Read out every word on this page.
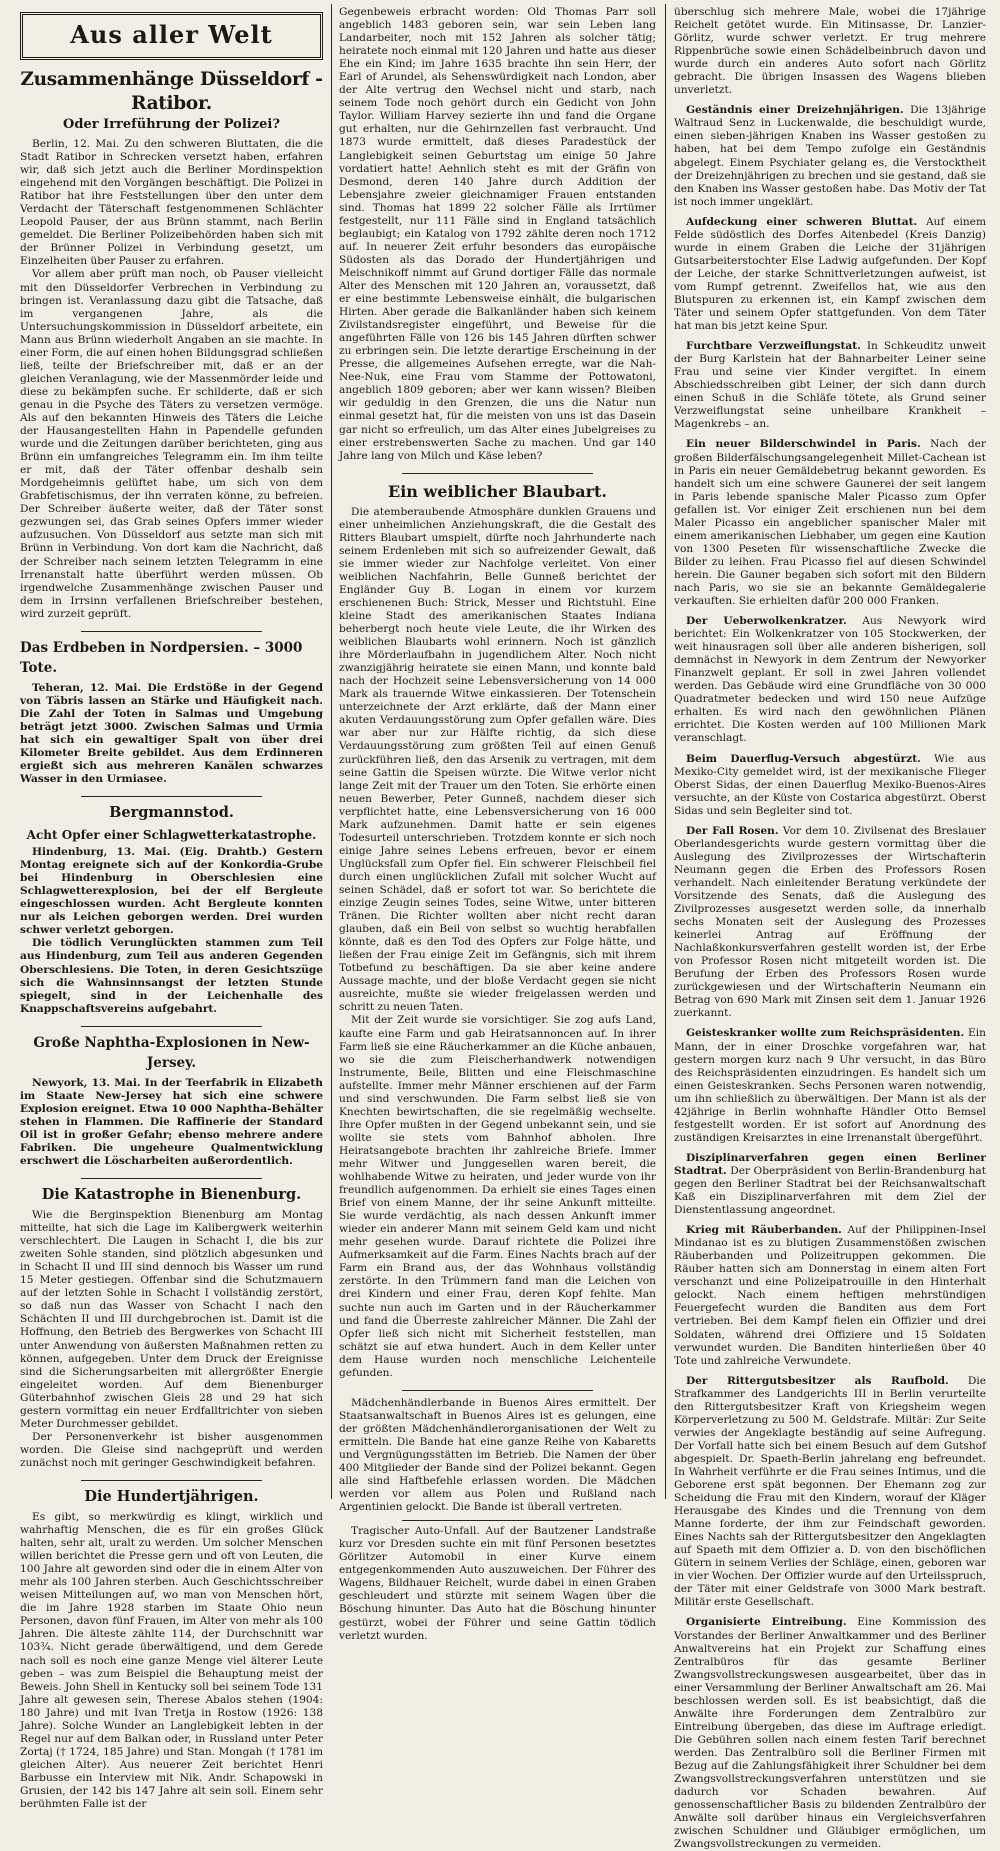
Aus aller Welt
Zusammenhänge Düsseldorf - Ratibor.
Oder Irreführung der Polizei?

Berlin, 12. Mai. Zu den schweren Bluttaten, die die Stadt Ratibor in Schrecken versetzt haben, erfahren wir, daß sich jetzt auch die Berliner Mordinspektion eingehend mit den Vorgängen beschäftigt. Die Polizei in Ratibor hat ihre Feststellungen über den unter dem Verdacht der Täterschaft festgenommenen Schlächter Leopold Pauser, der aus Brünn stammt, nach Berlin gemeldet. Die Berliner Polizeibehörden haben sich mit der Brünner Polizei in Verbindung gesetzt, um Einzelheiten über Pauser zu erfahren.

Vor allem aber prüft man noch, ob Pauser vielleicht mit den Düsseldorfer Verbrechen in Verbindung zu bringen ist. Veranlassung dazu gibt die Tatsache, daß im vergangenen Jahre, als die Untersuchungskommission in Düsseldorf arbeitete, ein Mann aus Brünn wiederholt Angaben an sie machte. In einer Form, die auf einen hohen Bildungsgrad schließen ließ, teilte der Briefschreiber mit, daß er an der gleichen Veranlagung, wie der Massenmörder leide und diese zu bekämpfen suche. Er schilderte, daß er sich genau in die Psyche des Täters zu versetzen vermöge. Als auf den bekannten Hinweis des Täters die Leiche der Hausangestellten Hahn in Papendelle gefunden wurde und die Zeitungen darüber berichteten, ging aus Brünn ein umfangreiches Telegramm ein. Im ihm teilte er mit, daß der Täter offenbar deshalb sein Mordgeheimnis gelüftet habe, um sich von dem Grabfetischismus, der ihn verraten könne, zu befreien. Der Schreiber äußerte weiter, daß der Täter sonst gezwungen sei, das Grab seines Opfers immer wieder aufzusuchen. Von Düsseldorf aus setzte man sich mit Brünn in Verbindung. Von dort kam die Nachricht, daß der Schreiber nach seinem letzten Telegramm in eine Irrenanstalt hatte überführt werden müssen. Ob irgendwelche Zusammenhänge zwischen Pauser und dem in Irrsinn verfallenen Briefschreiber bestehen, wird zurzeit geprüft.

Das Erdbeben in Nordpersien. – 3000 Tote.

Teheran, 12. Mai. Die Erdstöße in der Gegend von Täbris lassen an Stärke und Häufigkeit nach. Die Zahl der Toten in Salmas und Umgebung beträgt jetzt 3000. Zwischen Salmas und Urmia hat sich ein gewaltiger Spalt von über drei Kilometer Breite gebildet. Aus dem Erdinneren ergießt sich aus mehreren Kanälen schwarzes Wasser in den Urmiasee.

Bergmannstod.
Acht Opfer einer Schlagwetterkatastrophe.

Hindenburg, 13. Mai. (Eig. Drahtb.) Gestern Montag ereignete sich auf der Konkordia-Grube bei Hindenburg in Oberschlesien eine Schlagwetterexplosion, bei der elf Bergleute eingeschlossen wurden. Acht Bergleute konnten nur als Leichen geborgen werden. Drei wurden schwer verletzt geborgen.

Die tödlich Verunglückten stammen zum Teil aus Hindenburg, zum Teil aus anderen Gegenden Oberschlesiens. Die Toten, in deren Gesichtszüge sich die Wahnsinnsangst der letzten Stunde spiegelt, sind in der Leichenhalle des Knappschaftsvereins aufgebahrt.

Große Naphtha-Explosionen in New-Jersey.

Newyork, 13. Mai. In der Teerfabrik in Elizabeth im Staate New-Jersey hat sich eine schwere Explosion ereignet. Etwa 10 000 Naphtha-Behälter stehen in Flammen. Die Raffinerie der Standard Oil ist in großer Gefahr; ebenso mehrere andere Fabriken. Die ungeheure Qualmentwicklung erschwert die Löscharbeiten außerordentlich.

Die Katastrophe in Bienenburg.

Wie die Berginspektion Bienenburg am Montag mitteilte, hat sich die Lage im Kalibergwerk weiterhin verschlechtert. Die Laugen in Schacht I, die bis zur zweiten Sohle standen, sind plötzlich abgesunken und in Schacht II und III sind dennoch bis Wasser um rund 15 Meter gestiegen. Offenbar sind die Schutzmauern auf der letzten Sohle in Schacht I vollständig zerstört, so daß nun das Wasser von Schacht I nach den Schächten II und III durchgebrochen ist. Damit ist die Hoffnung, den Betrieb des Bergwerkes von Schacht III unter Anwendung von äußersten Maßnahmen retten zu können, aufgegeben. Unter dem Druck der Ereignisse sind die Sicherungsarbeiten mit allergrößter Energie eingeleitet worden. Auf dem Bienenburger Güterbahnhof zwischen Gleis 28 und 29 hat sich gestern vormittag ein neuer Erdfalltrichter von sieben Meter Durchmesser gebildet.

Der Personenverkehr ist bisher ausgenommen worden. Die Gleise sind nachgeprüft und werden zunächst noch mit geringer Geschwindigkeit befahren.

Die Hundertjährigen.

Es gibt, so merkwürdig es klingt, wirklich und wahrhaftig Menschen, die es für ein großes Glück halten, sehr alt, uralt zu werden. Um solcher Menschen willen berichtet die Presse gern und oft von Leuten, die 100 Jahre alt geworden sind oder die in einem Alter von mehr als 100 Jahren sterben. Auch Geschichtsschreiber weisen Mitteilungen auf, wo man von Menschen hört, die im Jahre 1928 starben im Staate Ohio neun Personen, davon fünf Frauen, im Alter von mehr als 100 Jahren. Die älteste zählte 114, der Durchschnitt war 103¾. Nicht gerade überwältigend, und dem Gerede nach soll es noch eine ganze Menge viel älterer Leute geben – was zum Beispiel die Behauptung meist der Beweis. John Shell in Kentucky soll bei seinem Tode 131 Jahre alt gewesen sein, Therese Abalos stehen (1904: 180 Jahre) und mit Ivan Tretja in Rostow (1926: 138 Jahre). Solche Wunder an Langlebigkeit lebten in der Regel nur auf dem Balkan oder, in Russland unter Peter Zortaj († 1724, 185 Jahre) und Stan. Mongah († 1781 im gleichen Alter). Aus neuerer Zeit berichtet Henri Barbusse ein Interview mit Nik. Andr. Schapowski in Grusien, der 142 bis 147 Jahre alt sein soll. Einem sehr berühmten Falle ist der

Gegenbeweis erbracht worden: Old Thomas Parr soll angeblich 1483 geboren sein, war sein Leben lang Landarbeiter, noch mit 152 Jahren als solcher tätig; heiratete noch einmal mit 120 Jahren und hatte aus dieser Ehe ein Kind; im Jahre 1635 brachte ihn sein Herr, der Earl of Arundel, als Sehenswürdigkeit nach London, aber der Alte vertrug den Wechsel nicht und starb, nach seinem Tode noch gehört durch ein Gedicht von John Taylor. William Harvey sezierte ihn und fand die Organe gut erhalten, nur die Gehirnzellen fast verbraucht. Und 1873 wurde ermittelt, daß dieses Paradestück der Langlebigkeit seinen Geburtstag um einige 50 Jahre vordatiert hatte! Aehnlich steht es mit der Gräfin von Desmond, deren 140 Jahre durch Addition der Lebensjahre zweier gleichnamiger Frauen entstanden sind. Thomas hat 1899 22 solcher Fälle als Irrtümer festgestellt, nur 111 Fälle sind in England tatsächlich beglaubigt; ein Katalog von 1792 zählte deren noch 1712 auf. In neuerer Zeit erfuhr besonders das europäische Südosten als das Dorado der Hundertjährigen und Meischnikoff nimmt auf Grund dortiger Fälle das normale Alter des Menschen mit 120 Jahren an, voraussetzt, daß er eine bestimmte Lebensweise einhält, die bulgarischen Hirten. Aber gerade die Balkanländer haben sich keinem Zivilstandsregister eingeführt, und Beweise für die angeführten Fälle von 126 bis 145 Jahren dürften schwer zu erbringen sein. Die letzte derartige Erscheinung in der Presse, die allgemeines Aufsehen erregte, war die Nah-Nee-Nuk, eine Frau vom Stamme der Pottowatoni, angeblich 1809 geboren; aber wer kann wissen? Bleiben wir geduldig in den Grenzen, die uns die Natur nun einmal gesetzt hat, für die meisten von uns ist das Dasein gar nicht so erfreulich, um das Alter eines Jubelgreises zu einer erstrebenswerten Sache zu machen. Und gar 140 Jahre lang von Milch und Käse leben?

Ein weiblicher Blaubart.

Die atemberaubende Atmosphäre dunklen Grauens und einer unheimlichen Anziehungskraft, die die Gestalt des Ritters Blaubart umspielt, dürfte noch Jahrhunderte nach seinem Erdenleben mit sich so aufreizender Gewalt, daß sie immer wieder zur Nachfolge verleitet. Von einer weiblichen Nachfahrin, Belle Gunneß berichtet der Engländer Guy B. Logan in einem vor kurzem erschienenen Buch: Strick, Messer und Richtstuhl. Eine kleine Stadt des amerikanischen Staates Indiana beherbergt noch heute viele Leute, die ihr Wirken des weiblichen Blaubarts wohl erinnern. Noch ist gänzlich ihre Mörderlaufbahn in jugendlichem Alter. Noch nicht zwanzigjährig heiratete sie einen Mann, und konnte bald nach der Hochzeit seine Lebensversicherung von 14 000 Mark als trauernde Witwe einkassieren. Der Totenschein unterzeichnete der Arzt erklärte, daß der Mann einer akuten Verdauungsstörung zum Opfer gefallen wäre. Dies war aber nur zur Hälfte richtig, da sich diese Verdauungsstörung zum größten Teil auf einen Genuß zurückführen ließ, den das Arsenik zu vertragen, mit dem seine Gattin die Speisen würzte. Die Witwe verlor nicht lange Zeit mit der Trauer um den Toten. Sie erhörte einen neuen Bewerber, Peter Gunneß, nachdem dieser sich verpflichtet hatte, eine Lebensversicherung von 16 000 Mark aufzunehmen. Damit hatte er sein eigenes Todesurteil unterschrieben. Trotzdem konnte er sich noch einige Jahre seines Lebens erfreuen, bevor er einem Unglücksfall zum Opfer fiel. Ein schwerer Fleischbeil fiel durch einen unglücklichen Zufall mit solcher Wucht auf seinen Schädel, daß er sofort tot war. So berichtete die einzige Zeugin seines Todes, seine Witwe, unter bitteren Tränen. Die Richter wollten aber nicht recht daran glauben, daß ein Beil von selbst so wuchtig herabfallen könnte, daß es den Tod des Opfers zur Folge hätte, und ließen der Frau einige Zeit im Gefängnis, sich mit ihrem Totbefund zu beschäftigen. Da sie aber keine andere Aussage machte, und der bloße Verdacht gegen sie nicht ausreichte, mußte sie wieder freigelassen werden und schritt zu neuen Taten.

Mit der Zeit wurde sie vorsichtiger. Sie zog aufs Land, kaufte eine Farm und gab Heiratsannoncen auf. In ihrer Farm ließ sie eine Räucherkammer an die Küche anbauen, wo sie die zum Fleischerhandwerk notwendigen Instrumente, Beile, Blitten und eine Fleischmaschine aufstellte. Immer mehr Männer erschienen auf der Farm und sind verschwunden. Die Farm selbst ließ sie von Knechten bewirtschaften, die sie regelmäßig wechselte. Ihre Opfer mußten in der Gegend unbekannt sein, und sie wollte sie stets vom Bahnhof abholen. Ihre Heiratsangebote brachten ihr zahlreiche Briefe. Immer mehr Witwer und Junggesellen waren bereit, die wohlhabende Witwe zu heiraten, und jeder wurde von ihr freundlich aufgenommen. Da erhielt sie eines Tages einen Brief von einem Manne, der ihr seine Ankunft mitteilte. Sie wurde verdächtig, als nach dessen Ankunft immer wieder ein anderer Mann mit seinem Geld kam und nicht mehr gesehen wurde. Darauf richtete die Polizei ihre Aufmerksamkeit auf die Farm. Eines Nachts brach auf der Farm ein Brand aus, der das Wohnhaus vollständig zerstörte. In den Trümmern fand man die Leichen von drei Kindern und einer Frau, deren Kopf fehlte. Man suchte nun auch im Garten und in der Räucherkammer und fand die Überreste zahlreicher Männer. Die Zahl der Opfer ließ sich nicht mit Sicherheit feststellen, man schätzt sie auf etwa hundert. Auch in dem Keller unter dem Hause wurden noch menschliche Leichenteile gefunden.

Mädchenhändlerbande in Buenos Aires ermittelt. Der Staatsanwaltschaft in Buenos Aires ist es gelungen, eine der größten Mädchenhändlerorganisationen der Welt zu ermitteln. Die Bande hat eine ganze Reihe von Kabaretts und Vergnügungsstätten im Betrieb. Die Namen der über 400 Mitglieder der Bande sind der Polizei bekannt. Gegen alle sind Haftbefehle erlassen worden. Die Mädchen werden vor allem aus Polen und Rußland nach Argentinien gelockt. Die Bande ist überall vertreten.

Tragischer Auto-Unfall. Auf der Bautzener Landstraße kurz vor Dresden suchte ein mit fünf Personen besetztes Görlitzer Automobil in einer Kurve einem entgegenkommenden Auto auszuweichen. Der Führer des Wagens, Bildhauer Reichelt, wurde dabei in einen Graben geschleudert und stürzte mit seinem Wagen über die Böschung hinunter. Das Auto hat die Böschung hinunter gestürzt, wobei der Führer und seine Gattin tödlich verletzt wurden.

überschlug sich mehrere Male, wobei die 17jährige Reichelt getötet wurde. Ein Mitinsasse, Dr. Lanzier-Görlitz, wurde schwer verletzt. Er trug mehrere Rippenbrüche sowie einen Schädelbeinbruch davon und wurde durch ein anderes Auto sofort nach Görlitz gebracht. Die übrigen Insassen des Wagens blieben unverletzt.

Geständnis einer Dreizehnjährigen. Die 13jährige Waltraud Senz in Luckenwalde, die beschuldigt wurde, einen sieben-jährigen Knaben ins Wasser gestoßen zu haben, hat bei dem Tempo zufolge ein Geständnis abgelegt. Einem Psychiater gelang es, die Verstocktheit der Dreizehnjährigen zu brechen und sie gestand, daß sie den Knaben ins Wasser gestoßen habe. Das Motiv der Tat ist noch immer ungeklärt.

Aufdeckung einer schweren Bluttat. Auf einem Felde südöstlich des Dorfes Aitenbedel (Kreis Danzig) wurde in einem Graben die Leiche der 31jährigen Gutsarbeiterstochter Else Ladwig aufgefunden. Der Kopf der Leiche, der starke Schnittverletzungen aufweist, ist vom Rumpf getrennt. Zweifellos hat, wie aus den Blutspuren zu erkennen ist, ein Kampf zwischen dem Täter und seinem Opfer stattgefunden. Von dem Täter hat man bis jetzt keine Spur.

Furchtbare Verzweiflungstat. In Schkeuditz unweit der Burg Karlstein hat der Bahnarbeiter Leiner seine Frau und seine vier Kinder vergiftet. In einem Abschiedsschreiben gibt Leiner, der sich dann durch einen Schuß in die Schläfe tötete, als Grund seiner Verzweiflungstat seine unheilbare Krankheit – Magenkrebs – an.

Ein neuer Bilderschwindel in Paris. Nach der großen Bilderfälschungsangelegenheit Millet-Cachean ist in Paris ein neuer Gemäldebetrug bekannt geworden. Es handelt sich um eine schwere Gaunerei der seit langem in Paris lebende spanische Maler Picasso zum Opfer gefallen ist. Vor einiger Zeit erschienen nun bei dem Maler Picasso ein angeblicher spanischer Maler mit einem amerikanischen Liebhaber, um gegen eine Kaution von 1300 Peseten für wissenschaftliche Zwecke die Bilder zu leihen. Frau Picasso fiel auf diesen Schwindel herein. Die Gauner begaben sich sofort mit den Bildern nach Paris, wo sie sie an bekannte Gemäldegalerie verkauften. Sie erhielten dafür 200 000 Franken.

Der Ueberwolkenkratzer. Aus Newyork wird berichtet: Ein Wolkenkratzer von 105 Stockwerken, der weit hinausragen soll über alle anderen bisherigen, soll demnächst in Newyork in dem Zentrum der Newyorker Finanzwelt geplant. Er soll in zwei Jahren vollendet werden. Das Gebäude wird eine Grundfläche von 30 000 Quadratmeter bedecken und wird 150 neue Aufzüge erhalten. Es wird nach den gewöhnlichen Plänen errichtet. Die Kosten werden auf 100 Millionen Mark veranschlagt.

Beim Dauerflug-Versuch abgestürzt. Wie aus Mexiko-City gemeldet wird, ist der mexikanische Flieger Oberst Sidas, der einen Dauerflug Mexiko-Buenos-Aires versuchte, an der Küste von Costarica abgestürzt. Oberst Sidas und sein Begleiter sind tot.

Der Fall Rosen. Vor dem 10. Zivilsenat des Breslauer Oberlandesgerichts wurde gestern vormittag über die Auslegung des Zivilprozesses der Wirtschafterin Neumann gegen die Erben des Professors Rosen verhandelt. Nach einleitender Beratung verkündete der Vorsitzende des Senats, daß die Auslegung des Zivilprozesses ausgesetzt werden solle, da innerhalb sechs Monaten seit der Auslegung des Prozesses keinerlei Antrag auf Eröffnung der Nachlaßkonkursverfahren gestellt worden ist, der Erbe von Professor Rosen nicht mitgeteilt worden ist. Die Berufung der Erben des Professors Rosen wurde zurückgewiesen und der Wirtschafterin Neumann ein Betrag von 690 Mark mit Zinsen seit dem 1. Januar 1926 zuerkannt.

Geisteskranker wollte zum Reichspräsidenten. Ein Mann, der in einer Droschke vorgefahren war, hat gestern morgen kurz nach 9 Uhr versucht, in das Büro des Reichspräsidenten einzudringen. Es handelt sich um einen Geisteskranken. Sechs Personen waren notwendig, um ihn schließlich zu überwältigen. Der Mann ist als der 42jährige in Berlin wohnhafte Händler Otto Bemsel festgestellt worden. Er ist sofort auf Anordnung des zuständigen Kreisarztes in eine Irrenanstalt übergeführt.

Disziplinarverfahren gegen einen Berliner Stadtrat. Der Oberpräsident von Berlin-Brandenburg hat gegen den Berliner Stadtrat bei der Reichsanwaltschaft Kaß ein Disziplinarverfahren mit dem Ziel der Dienstentlassung angeordnet.

Krieg mit Räuberbanden. Auf der Philippinen-Insel Mindanao ist es zu blutigen Zusammenstößen zwischen Räuberbanden und Polizeitruppen gekommen. Die Räuber hatten sich am Donnerstag in einem alten Fort verschanzt und eine Polizeipatrouille in den Hinterhalt gelockt. Nach einem heftigen mehrstündigen Feuergefecht wurden die Banditen aus dem Fort vertrieben. Bei dem Kampf fielen ein Offizier und drei Soldaten, während drei Offiziere und 15 Soldaten verwundet wurden. Die Banditen hinterließen über 40 Tote und zahlreiche Verwundete.

Der Rittergutsbesitzer als Raufbold. Die Strafkammer des Landgerichts III in Berlin verurteilte den Rittergutsbesitzer Kraft von Kriegsheim wegen Körperverletzung zu 500 M. Geldstrafe. Miltär: Zur Seite verwies der Angeklagte beständig auf seine Aufregung. Der Vorfall hatte sich bei einem Besuch auf dem Gutshof abgespielt. Dr. Spaeth-Berlin jahrelang eng befreundet. In Wahrheit verführte er die Frau seines Intimus, und die Geborene erst spät begonnen. Der Ehemann zog zur Scheidung die Frau mit den Kindern, worauf der Kläger Herausgabe des Kindes und die Trennung von dem Manne forderte, der ihm zur Feindschaft geworden. Eines Nachts sah der Rittergutsbesitzer den Angeklagten auf Spaeth mit dem Offizier a. D. von den bischöflichen Gütern in seinem Verlies der Schläge, einen, geboren war in vier Wochen. Der Offizier wurde auf den Urteilsspruch, der Täter mit einer Geldstrafe von 3000 Mark bestraft. Militär erste Gesellschaft.

Organisierte Eintreibung. Eine Kommission des Vorstandes der Berliner Anwaltkammer und des Berliner Anwaltvereins hat ein Projekt zur Schaffung eines Zentralbüros für das gesamte Berliner Zwangsvollstreckungswesen ausgearbeitet, über das in einer Versammlung der Berliner Anwaltschaft am 26. Mai beschlossen werden soll. Es ist beabsichtigt, daß die Anwälte ihre Forderungen dem Zentralbüro zur Eintreibung übergeben, das diese im Auftrage erledigt. Die Gebühren sollen nach einem festen Tarif berechnet werden. Das Zentralbüro soll die Berliner Firmen mit Bezug auf die Zahlungsfähigkeit ihrer Schuldner bei dem Zwangsvollstreckungsverfahren unterstützen und sie dadurch vor Schaden bewahren. Auf genossenschaftlicher Basis zu bildenden Zentralbüro der Anwälte soll darüber hinaus ein Vergleichsverfahren zwischen Schuldner und Gläubiger ermöglichen, um Zwangsvollstreckungen zu vermeiden.
